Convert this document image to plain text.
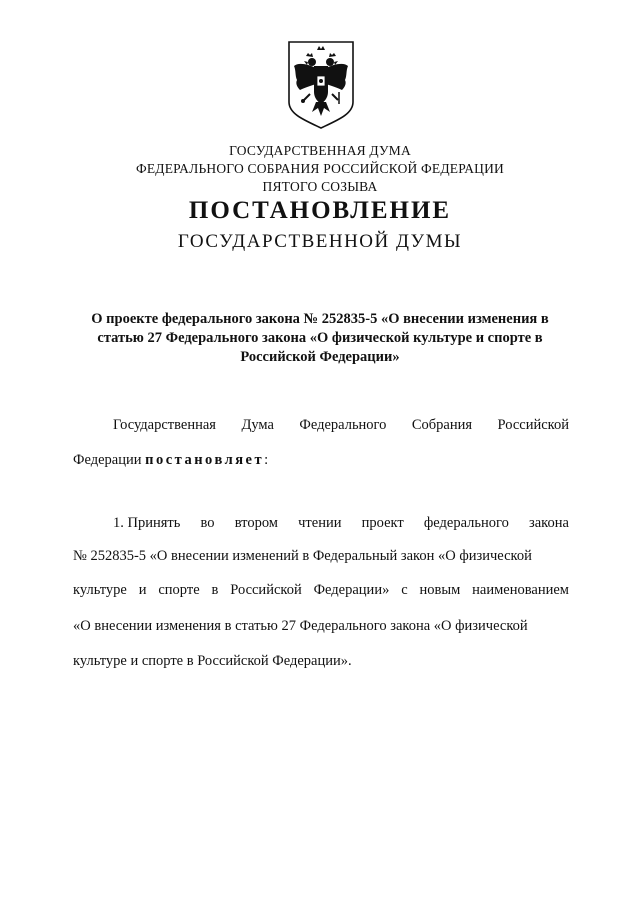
ГОСУДАРСТВЕННАЯ ДУМА
ФЕДЕРАЛЬНОГО СОБРАНИЯ РОССИЙСКОЙ ФЕДЕРАЦИИ
ПЯТОГО СОЗЫВА
ПОСТАНОВЛЕНИЕ
ГОСУДАРСТВЕННОЙ ДУМЫ
О проекте федерального закона № 252835-5 «О внесении изменения в
статью 27 Федерального закона «О физической культуре и спорте в
Российской Федерации»
Государственная Дума Федерального Собрания Российской
Федерации постановляет:
1. Принять во втором чтении проект федерального закона
№ 252835-5 «О внесении изменений в Федеральный закон «О физической
культуре и спорте в Российской Федерации» с новым наименованием
«О внесении изменения в статью 27 Федерального закона «О физической
культуре и спорте в Российской Федерации».
